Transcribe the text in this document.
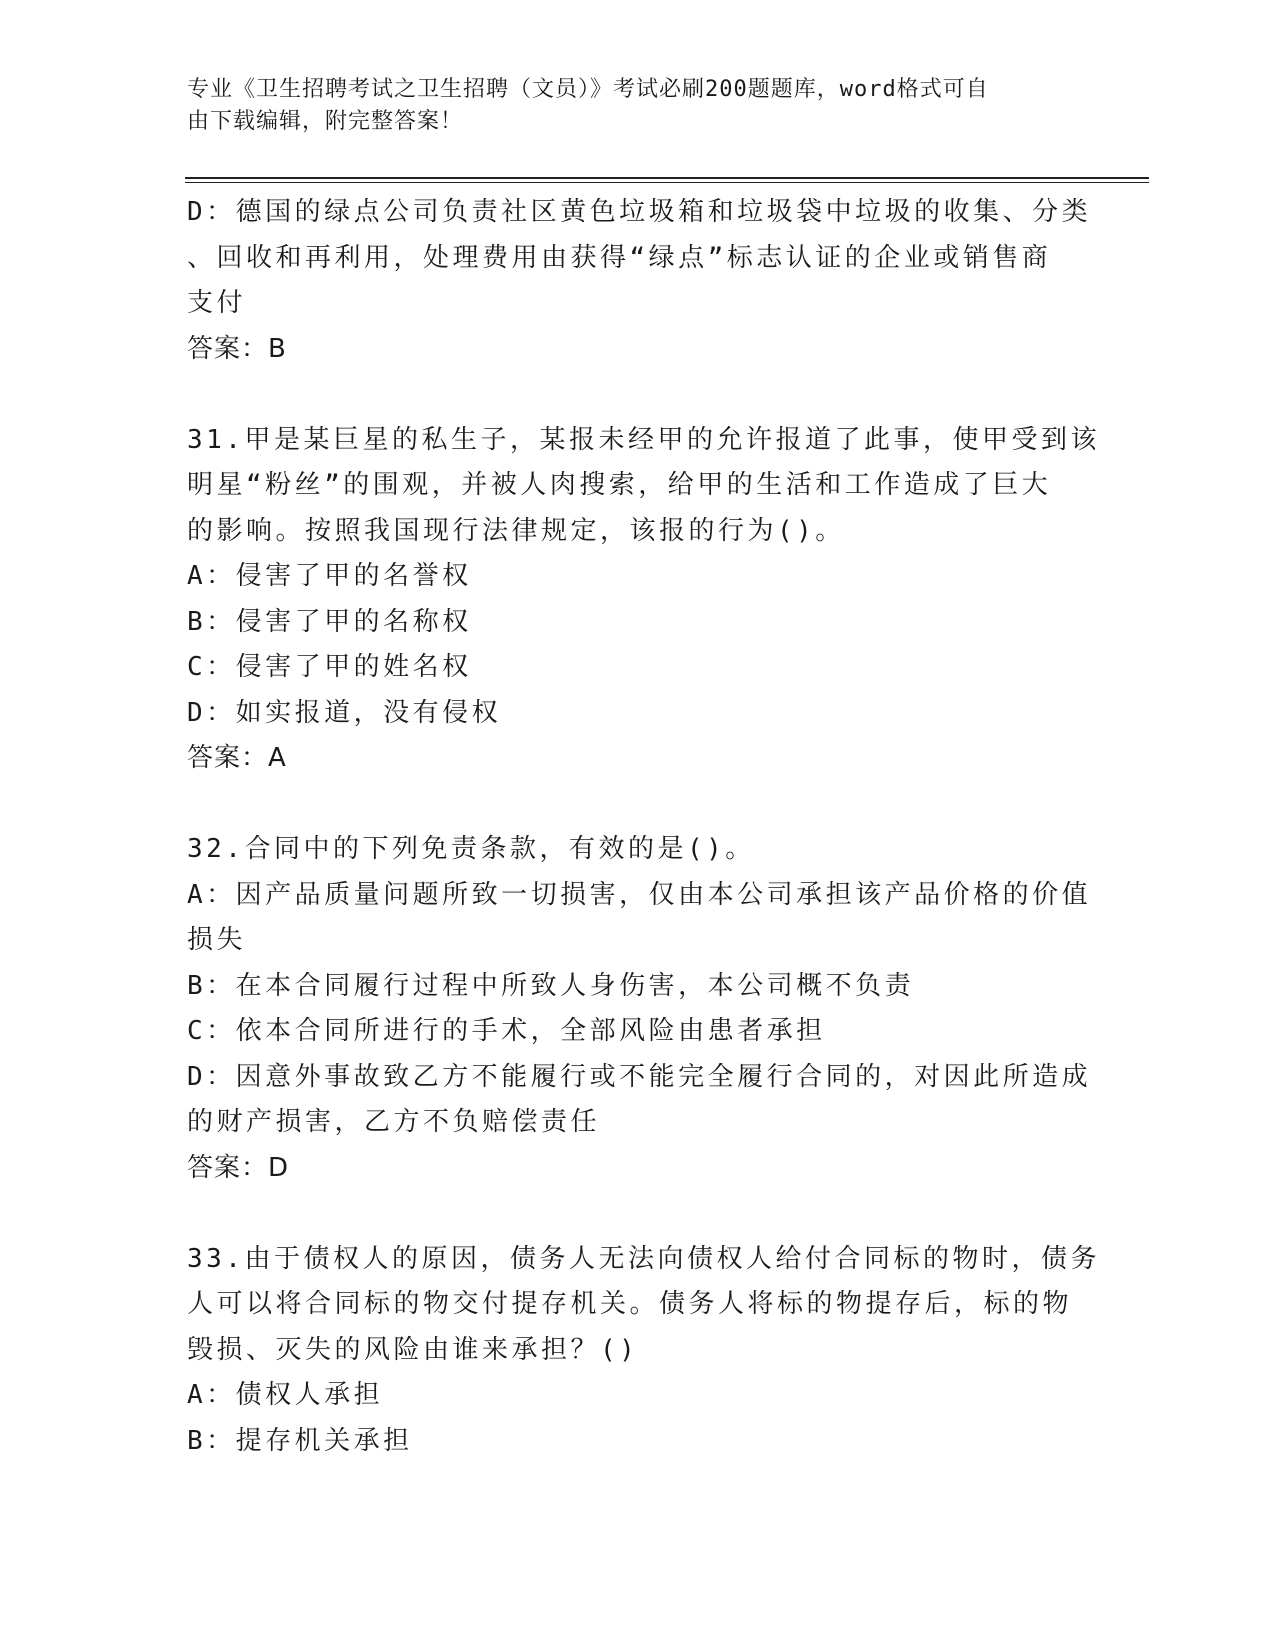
专业《卫生招聘考试之卫生招聘（文员）》考试必刷200题题库，word格式可自
由下载编辑，附完整答案！
D：德国的绿点公司负责社区黄色垃圾箱和垃圾袋中垃圾的收集、分类
、回收和再利用，处理费用由获得“绿点”标志认证的企业或销售商
支付
答案：B
31.甲是某巨星的私生子，某报未经甲的允许报道了此事，使甲受到该
明星“粉丝”的围观，并被人肉搜索，给甲的生活和工作造成了巨大
的影响。按照我国现行法律规定，该报的行为()。
A：侵害了甲的名誉权
B：侵害了甲的名称权
C：侵害了甲的姓名权
D：如实报道，没有侵权
答案：A
32.合同中的下列免责条款，有效的是()。
A：因产品质量问题所致一切损害，仅由本公司承担该产品价格的价值
损失
B：在本合同履行过程中所致人身伤害，本公司概不负责
C：依本合同所进行的手术，全部风险由患者承担
D：因意外事故致乙方不能履行或不能完全履行合同的，对因此所造成
的财产损害，乙方不负赔偿责任
答案：D
33.由于债权人的原因，债务人无法向债权人给付合同标的物时，债务
人可以将合同标的物交付提存机关。债务人将标的物提存后，标的物
毁损、灭失的风险由谁来承担？()
A：债权人承担
B：提存机关承担
